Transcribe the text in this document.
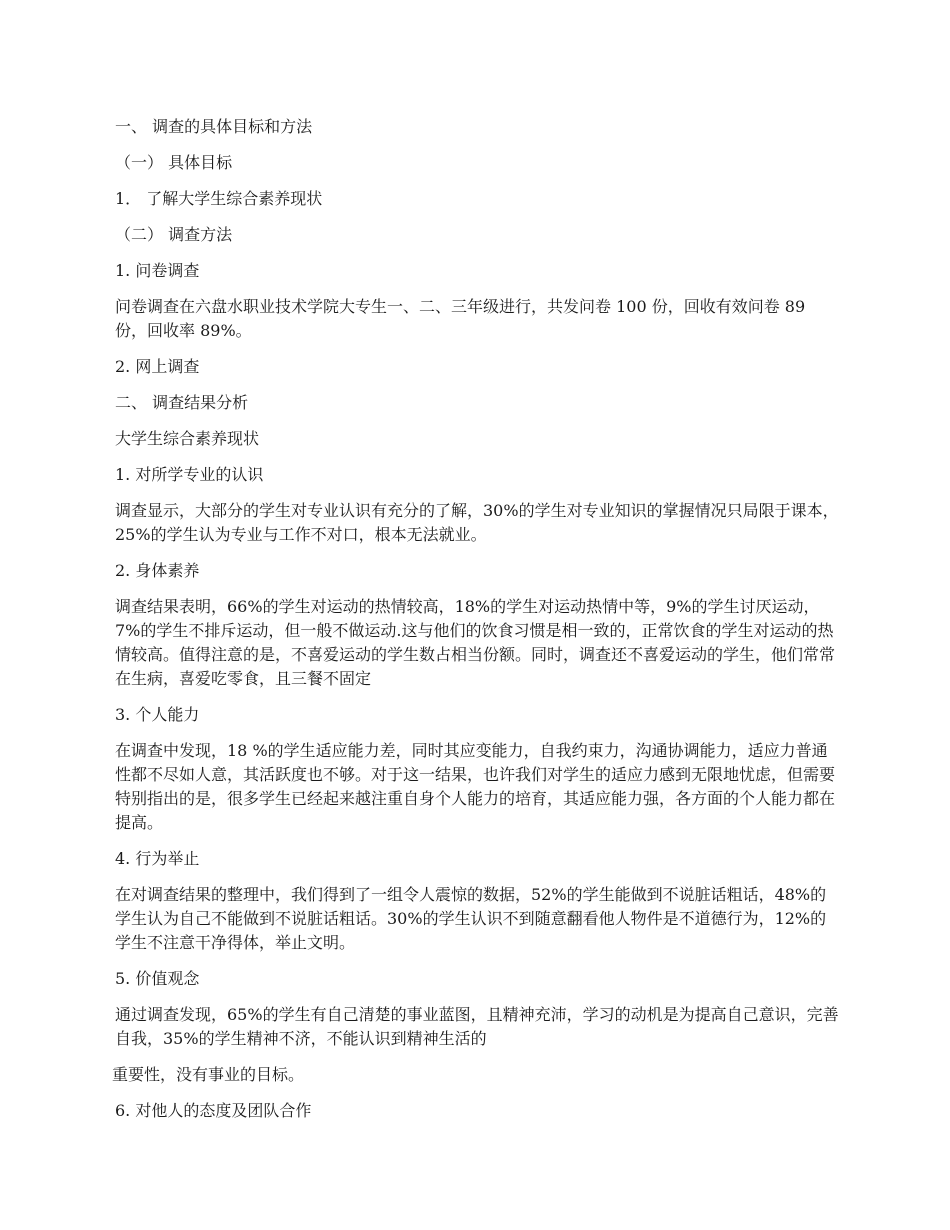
一、 调查的具体目标和方法

（一） 具体目标

1． 了解大学生综合素养现状

（二） 调查方法

1. 问卷调查

问卷调查在六盘水职业技术学院大专生一、二、三年级进行，共发问卷 100 份，回收有效问卷 89 份，回收率 89%。

2. 网上调查

二、 调查结果分析

大学生综合素养现状

1. 对所学专业的认识

调查显示，大部分的学生对专业认识有充分的了解，30%的学生对专业知识的掌握情况只局限于课本，25%的学生认为专业与工作不对口，根本无法就业。

2. 身体素养

调查结果表明，66%的学生对运动的热情较高，18%的学生对运动热情中等，9%的学生讨厌运动，7%的学生不排斥运动，但一般不做运动.这与他们的饮食习惯是相一致的，正常饮食的学生对运动的热情较高。值得注意的是，不喜爱运动的学生数占相当份额。同时，调查还不喜爱运动的学生，他们常常在生病，喜爱吃零食，且三餐不固定

3. 个人能力

在调查中发现，18 %的学生适应能力差，同时其应变能力，自我约束力，沟通协调能力，适应力普通性都不尽如人意，其活跃度也不够。对于这一结果，也许我们对学生的适应力感到无限地忧虑，但需要特别指出的是，很多学生已经起来越注重自身个人能力的培育，其适应能力强，各方面的个人能力都在提高。

4. 行为举止

在对调查结果的整理中，我们得到了一组令人震惊的数据，52%的学生能做到不说脏话粗话，48%的学生认为自己不能做到不说脏话粗话。30%的学生认识不到随意翻看他人物件是不道德行为，12%的学生不注意干净得体，举止文明。

5. 价值观念

通过调查发现，65%的学生有自己清楚的事业蓝图，且精神充沛，学习的动机是为提高自己意识，完善自我，35%的学生精神不济，不能认识到精神生活的

重要性，没有事业的目标。

6. 对他人的态度及团队合作
